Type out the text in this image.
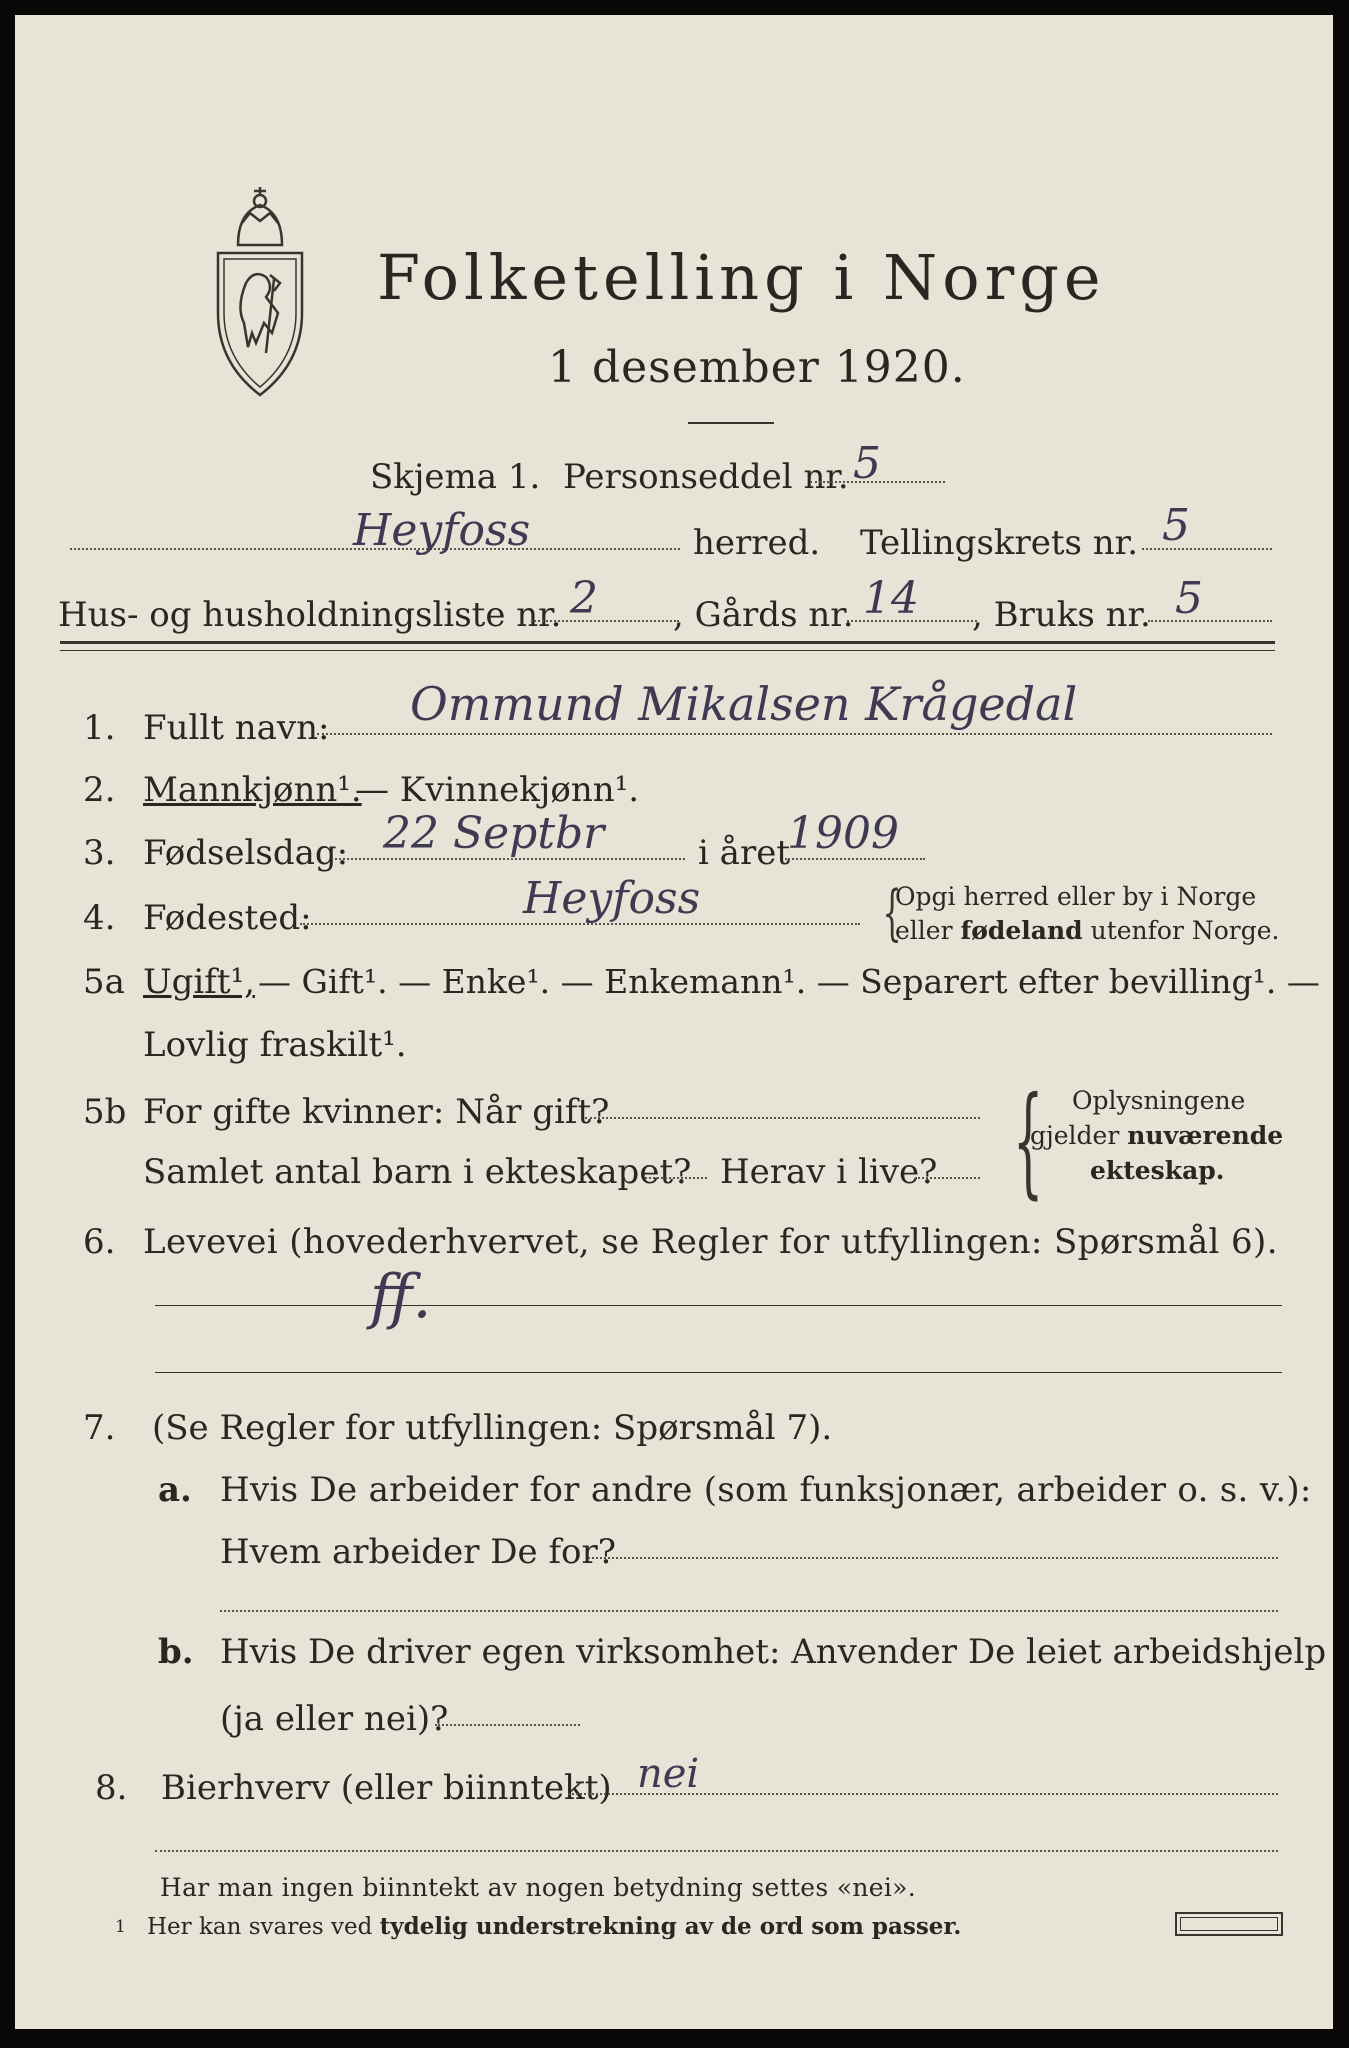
Folketelling i Norge
1 desember 1920.
Skjema 1. Personseddel nr. 5
Heyfoss	herred. Tellingskrets nr. 5
Hus- og husholdningsliste nr. 2 , Gårds nr. 14 , Bruks nr. 5
1. Fullt navn: Ommund Mikalsen Krågedal
2. Mannkjønn¹.
— Kvinnekjønn¹.
3. Fødselsdag: 22 Septbr	i året
1909
4. Fødested:	Heyfoss	{
Opgi herred eller by i Norge
eller fødeland utenfor Norge.
5a Ugift¹, — Gift¹. — Enke¹. — Enkemann¹. — Separert efter bevilling¹. —
Lovlig fraskilt¹.
5b For gifte kvinner: Når gift?
Samlet antal barn i ekteskapet? Herav i live? { Oplysningene
gjelder nuværende
ekteskap.
6. Levevei (hovederhvervet, se Regler for utfyllingen: Spørsmål 6).
ff.
7. (Se Regler for utfyllingen: Spørsmål 7).
a. Hvis De arbeider for andre (som funksjonær, arbeider o. s. v.):
Hvem arbeider De for?
b. Hvis De driver egen virksomhet: Anvender De leiet arbeidshjelp
(ja eller nei)?
8. Bierhverv (eller biinntekt) nei
Har man ingen biinntekt av nogen betydning settes «nei».
1 Her kan svares ved tydelig understrekning av de ord som passer.
